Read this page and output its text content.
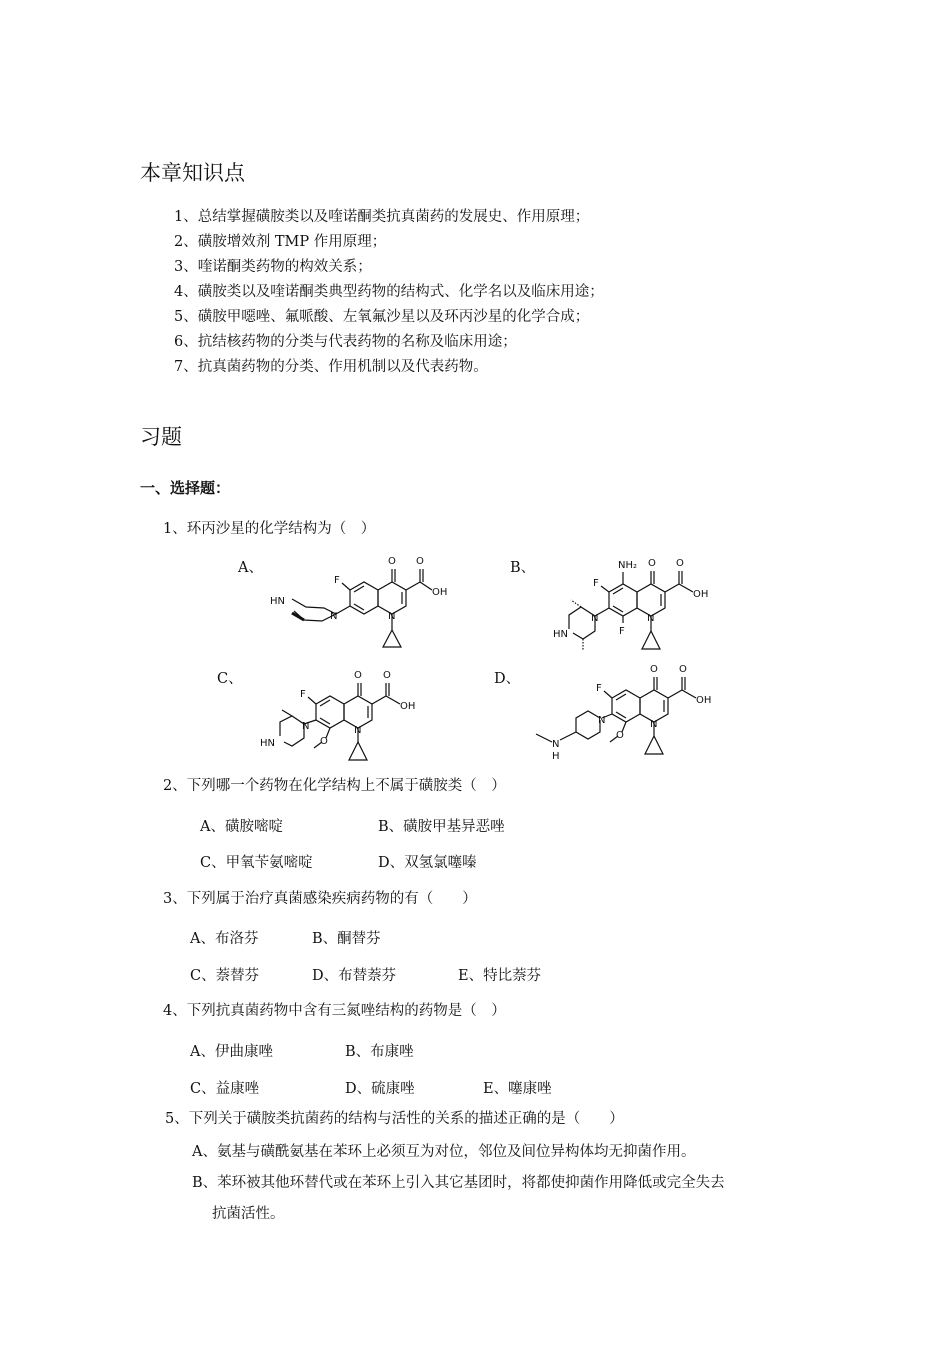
本章知识点
1、总结掌握磺胺类以及喹诺酮类抗真菌药的发展史、作用原理；
2、磺胺增效剂 TMP 作用原理；
3、喹诺酮类药物的构效关系；
4、磺胺类以及喹诺酮类典型药物的结构式、化学名以及临床用途；
5、磺胺甲噁唑、氟哌酸、左氧氟沙星以及环丙沙星的化学合成；
6、抗结核药物的分类与代表药物的名称及临床用途；
7、抗真菌药物的分类、作用机制以及代表药物。
习题
一、选择题：
1、环丙沙星的化学结构为（　）
A、	B、
C、	D、
O O
OH
F
N
N
HN
NH₂ O O
OH
F
F
N
N
HN
O O
OH
F
N
N
O
HN
O O
OH
F
N
N
O
N
H
2、下列哪一个药物在化学结构上不属于磺胺类（　）
A、磺胺嘧啶	B、磺胺甲基异恶唑
C、甲氧苄氨嘧啶	D、双氢氯噻嗪
3、下列属于治疗真菌感染疾病药物的有（　　）
A、布洛芬	B、酮替芬
C、萘替芬	D、布替萘芬	E、特比萘芬
4、下列抗真菌药物中含有三氮唑结构的药物是（　）
A、伊曲康唑	B、布康唑
C、益康唑	D、硫康唑	E、噻康唑
5、下列关于磺胺类抗菌药的结构与活性的关系的描述正确的是（　　）
A、氨基与磺酰氨基在苯环上必须互为对位，邻位及间位异构体均无抑菌作用。
B、苯环被其他环替代或在苯环上引入其它基团时，将都使抑菌作用降低或完全失去
抗菌活性。
